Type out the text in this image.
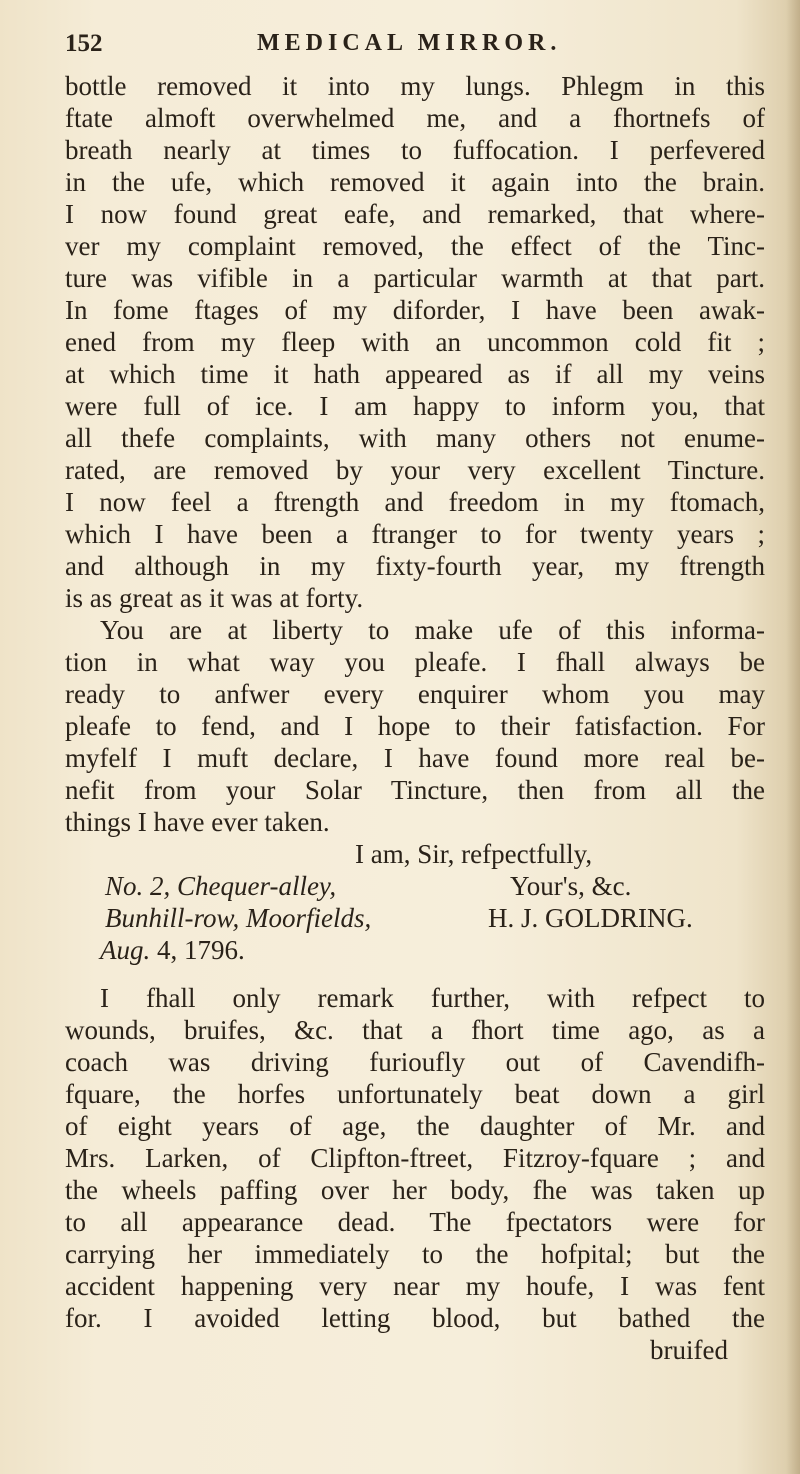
152	MEDICAL MIRROR.
bottle removed it into my lungs. Phlegm in this
ftate almoft overwhelmed me, and a fhortnefs of
breath nearly at times to fuffocation. I perfevered
in the ufe, which removed it again into the brain.
I now found great eafe, and remarked, that where-
ver my complaint removed, the effect of the Tinc-
ture was vifible in a particular warmth at that part.
In fome ftages of my diforder, I have been awak-
ened from my fleep with an uncommon cold fit ;
at which time it hath appeared as if all my veins
were full of ice. I am happy to inform you, that
all thefe complaints, with many others not enume-
rated, are removed by your very excellent Tincture.
I now feel a ftrength and freedom in my ftomach,
which I have been a ftranger to for twenty years ;
and although in my fixty-fourth year, my ftrength
is as great as it was at forty.
You are at liberty to make ufe of this informa-
tion in what way you pleafe. I fhall always be
ready to anfwer every enquirer whom you may
pleafe to fend, and I hope to their fatisfaction. For
myfelf I muft declare, I have found more real be-
nefit from your Solar Tincture, then from all the
things I have ever taken.
I am, Sir, refpectfully,
No. 2, Chequer-alley,	Your's, &c.
Bunhill-row, Moorfields,	H. J. GOLDRING.
Aug. 4, 1796.
I fhall only remark further, with refpect to
wounds, bruifes, &c. that a fhort time ago, as a
coach was driving furioufly out of Cavendifh-
fquare, the horfes unfortunately beat down a girl
of eight years of age, the daughter of Mr. and
Mrs. Larken, of Clipfton-ftreet, Fitzroy-fquare ; and
the wheels paffing over her body, fhe was taken up
to all appearance dead. The fpectators were for
carrying her immediately to the hofpital; but the
accident happening very near my houfe, I was fent
for. I avoided letting blood, but bathed the
bruifed
